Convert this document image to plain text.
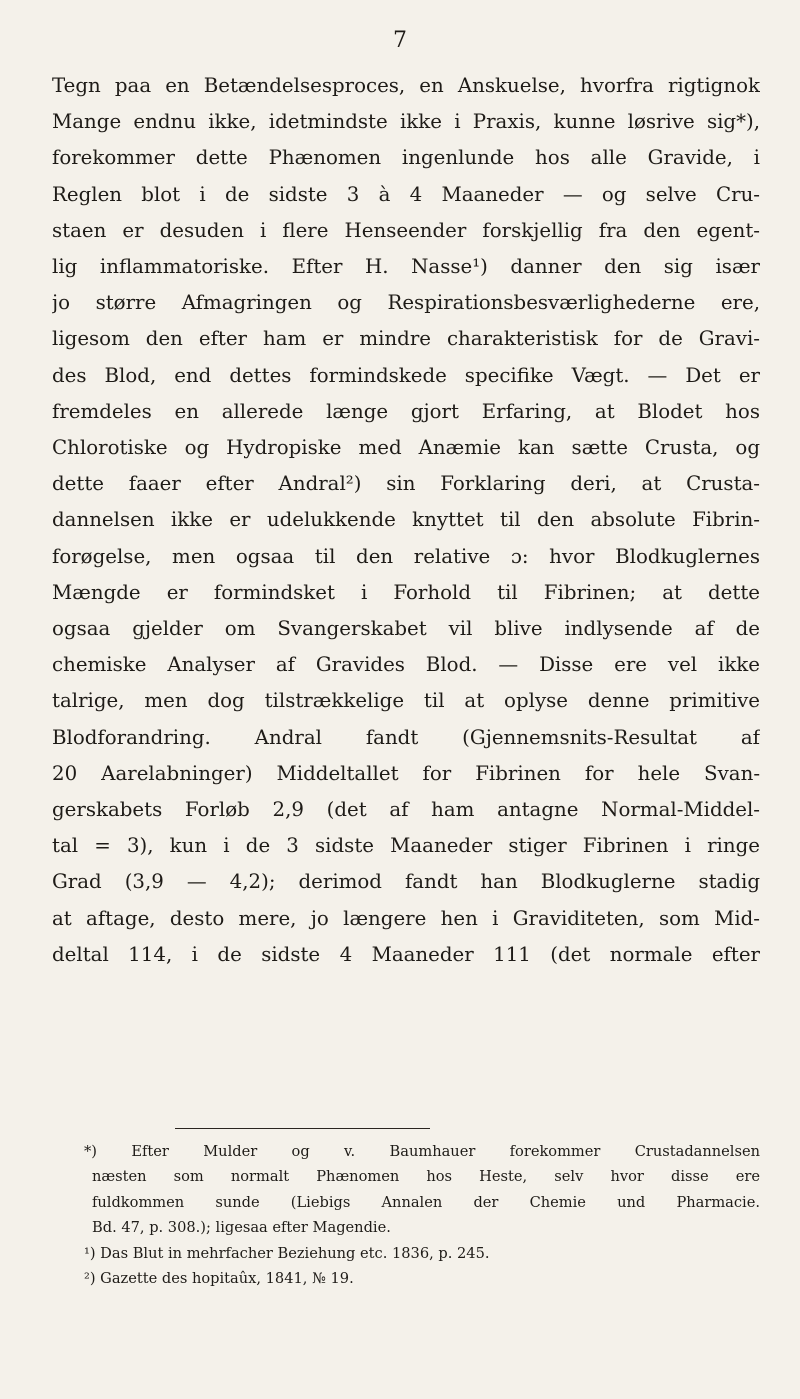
7
Tegn paa en Betændelsesproces, en Anskuelse, hvorfra rigtignok
Mange endnu ikke, idetmindste ikke i Praxis, kunne løsrive sig*),
forekommer dette Phænomen ingenlunde hos alle Gravide, i
Reglen blot i de sidste 3 à 4 Maaneder — og selve Cru-
staen er desuden i flere Henseender forskjellig fra den egent-
lig inflammatoriske. Efter H. Nasse¹) danner den sig især
jo større Afmagringen og Respirationsbesværlighederne ere,
ligesom den efter ham er mindre charakteristisk for de Gravi-
des Blod, end dettes formindskede specifike Vægt. — Det er
fremdeles en allerede længe gjort Erfaring, at Blodet hos
Chlorotiske og Hydropiske med Anæmie kan sætte Crusta, og
dette faaer efter Andral²) sin Forklaring deri, at Crusta-
dannelsen ikke er udelukkende knyttet til den absolute Fibrin-
forøgelse, men ogsaa til den relative ɔ: hvor Blodkuglernes
Mængde er formindsket i Forhold til Fibrinen; at dette
ogsaa gjelder om Svangerskabet vil blive indlysende af de
chemiske Analyser af Gravides Blod. — Disse ere vel ikke
talrige, men dog tilstrækkelige til at oplyse denne primitive
Blodforandring. Andral fandt (Gjennemsnits-Resultat af
20 Aarelabninger) Middeltallet for Fibrinen for hele Svan-
gerskabets Forløb 2,9 (det af ham antagne Normal-Middel-
tal = 3), kun i de 3 sidste Maaneder stiger Fibrinen i ringe
Grad (3,9 — 4,2); derimod fandt han Blodkuglerne stadig
at aftage, desto mere, jo længere hen i Graviditeten, som Mid-
deltal 114, i de sidste 4 Maaneder 111 (det normale efter
*) Efter Mulder og v. Baumhauer forekommer Crustadannelsen
næsten som normalt Phænomen hos Heste, selv hvor disse ere
fuldkommen sunde (Liebigs Annalen der Chemie und Pharmacie.
Bd. 47, p. 308.); ligesaa efter Magendie.
¹) Das Blut in mehrfacher Beziehung etc. 1836, p. 245.
²) Gazette des hopitaûx, 1841, № 19.
